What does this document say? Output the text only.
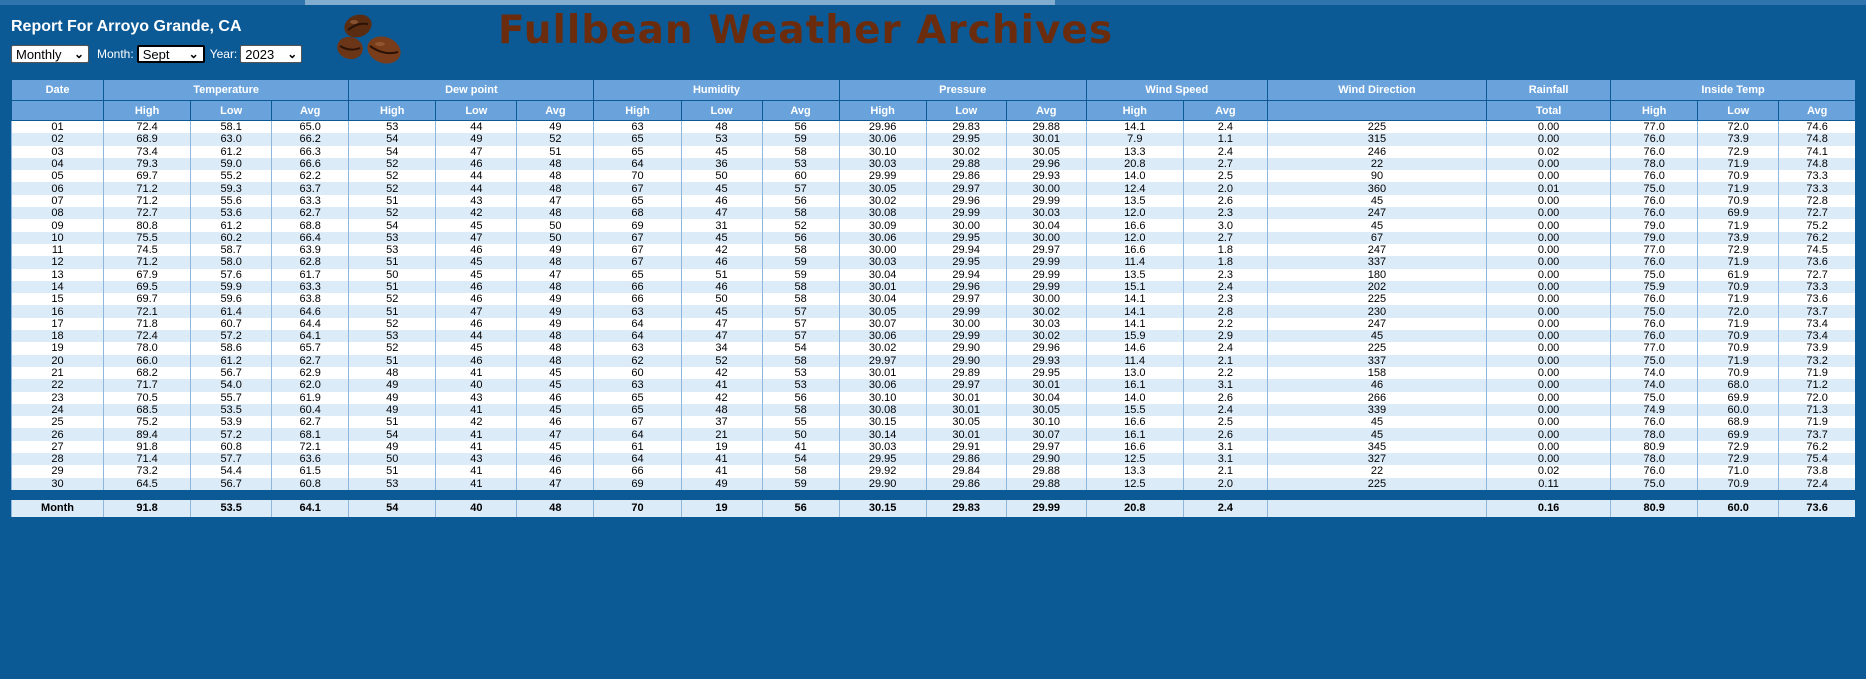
Report For Arroyo Grande, CA
Monthly ⌄ Month: Sept ⌄ Year: 2023 ⌄
Fullbean Weather Archives
Date	Temperature			Dew point			Humidity			Pressure			Wind Speed		Wind Direction	Rainfall	Inside Temp		
	High	Low	Avg	High	Low	Avg	High	Low	Avg	High	Low	Avg	High	Avg		Total	High	Low	Avg
01	72.4	58.1	65.0	53	44	49	63	48	56	29.96	29.83	29.88	14.1	2.4	225	0.00	77.0	72.0	74.6
02	68.9	63.0	66.2	54	49	52	65	53	59	30.06	29.95	30.01	7.9	1.1	315	0.00	76.0	73.9	74.8
03	73.4	61.2	66.3	54	47	51	65	45	58	30.10	30.02	30.05	13.3	2.4	246	0.02	76.0	72.9	74.1
04	79.3	59.0	66.6	52	46	48	64	36	53	30.03	29.88	29.96	20.8	2.7	22	0.00	78.0	71.9	74.8
05	69.7	55.2	62.2	52	44	48	70	50	60	29.99	29.86	29.93	14.0	2.5	90	0.00	76.0	70.9	73.3
06	71.2	59.3	63.7	52	44	48	67	45	57	30.05	29.97	30.00	12.4	2.0	360	0.01	75.0	71.9	73.3
07	71.2	55.6	63.3	51	43	47	65	46	56	30.02	29.96	29.99	13.5	2.6	45	0.00	76.0	70.9	72.8
08	72.7	53.6	62.7	52	42	48	68	47	58	30.08	29.99	30.03	12.0	2.3	247	0.00	76.0	69.9	72.7
09	80.8	61.2	68.8	54	45	50	69	31	52	30.09	30.00	30.04	16.6	3.0	45	0.00	79.0	71.9	75.2
10	75.5	60.2	66.4	53	47	50	67	45	56	30.06	29.95	30.00	12.0	2.7	67	0.00	79.0	73.9	76.2
11	74.5	58.7	63.9	53	46	49	67	42	58	30.00	29.94	29.97	16.6	1.8	247	0.00	77.0	72.9	74.5
12	71.2	58.0	62.8	51	45	48	67	46	59	30.03	29.95	29.99	11.4	1.8	337	0.00	76.0	71.9	73.6
13	67.9	57.6	61.7	50	45	47	65	51	59	30.04	29.94	29.99	13.5	2.3	180	0.00	75.0	61.9	72.7
14	69.5	59.9	63.3	51	46	48	66	46	58	30.01	29.96	29.99	15.1	2.4	202	0.00	75.9	70.9	73.3
15	69.7	59.6	63.8	52	46	49	66	50	58	30.04	29.97	30.00	14.1	2.3	225	0.00	76.0	71.9	73.6
16	72.1	61.4	64.6	51	47	49	63	45	57	30.05	29.99	30.02	14.1	2.8	230	0.00	75.0	72.0	73.7
17	71.8	60.7	64.4	52	46	49	64	47	57	30.07	30.00	30.03	14.1	2.2	247	0.00	76.0	71.9	73.4
18	72.4	57.2	64.1	53	44	48	64	47	57	30.06	29.99	30.02	15.9	2.9	45	0.00	76.0	70.9	73.4
19	78.0	58.6	65.7	52	45	48	63	34	54	30.02	29.90	29.96	14.6	2.4	225	0.00	77.0	70.9	73.9
20	66.0	61.2	62.7	51	46	48	62	52	58	29.97	29.90	29.93	11.4	2.1	337	0.00	75.0	71.9	73.2
21	68.2	56.7	62.9	48	41	45	60	42	53	30.01	29.89	29.95	13.0	2.2	158	0.00	74.0	70.9	71.9
22	71.7	54.0	62.0	49	40	45	63	41	53	30.06	29.97	30.01	16.1	3.1	46	0.00	74.0	68.0	71.2
23	70.5	55.7	61.9	49	43	46	65	42	56	30.10	30.01	30.04	14.0	2.6	266	0.00	75.0	69.9	72.0
24	68.5	53.5	60.4	49	41	45	65	48	58	30.08	30.01	30.05	15.5	2.4	339	0.00	74.9	60.0	71.3
25	75.2	53.9	62.7	51	42	46	67	37	55	30.15	30.05	30.10	16.6	2.5	45	0.00	76.0	68.9	71.9
26	89.4	57.2	68.1	54	41	47	64	21	50	30.14	30.01	30.07	16.1	2.6	45	0.00	78.0	69.9	73.7
27	91.8	60.8	72.1	49	41	45	61	19	41	30.03	29.91	29.97	16.6	3.1	345	0.00	80.9	72.9	76.2
28	71.4	57.7	63.6	50	43	46	64	41	54	29.95	29.86	29.90	12.5	3.1	327	0.00	78.0	72.9	75.4
29	73.2	54.4	61.5	51	41	46	66	41	58	29.92	29.84	29.88	13.3	2.1	22	0.02	76.0	71.0	73.8
30	64.5	56.7	60.8	53	41	47	69	49	59	29.90	29.86	29.88	12.5	2.0	225	0.11	75.0	70.9	72.4

Month	91.8	53.5	64.1	54	40	48	70	19	56	30.15	29.83	29.99	20.8	2.4		0.16	80.9	60.0	73.6
